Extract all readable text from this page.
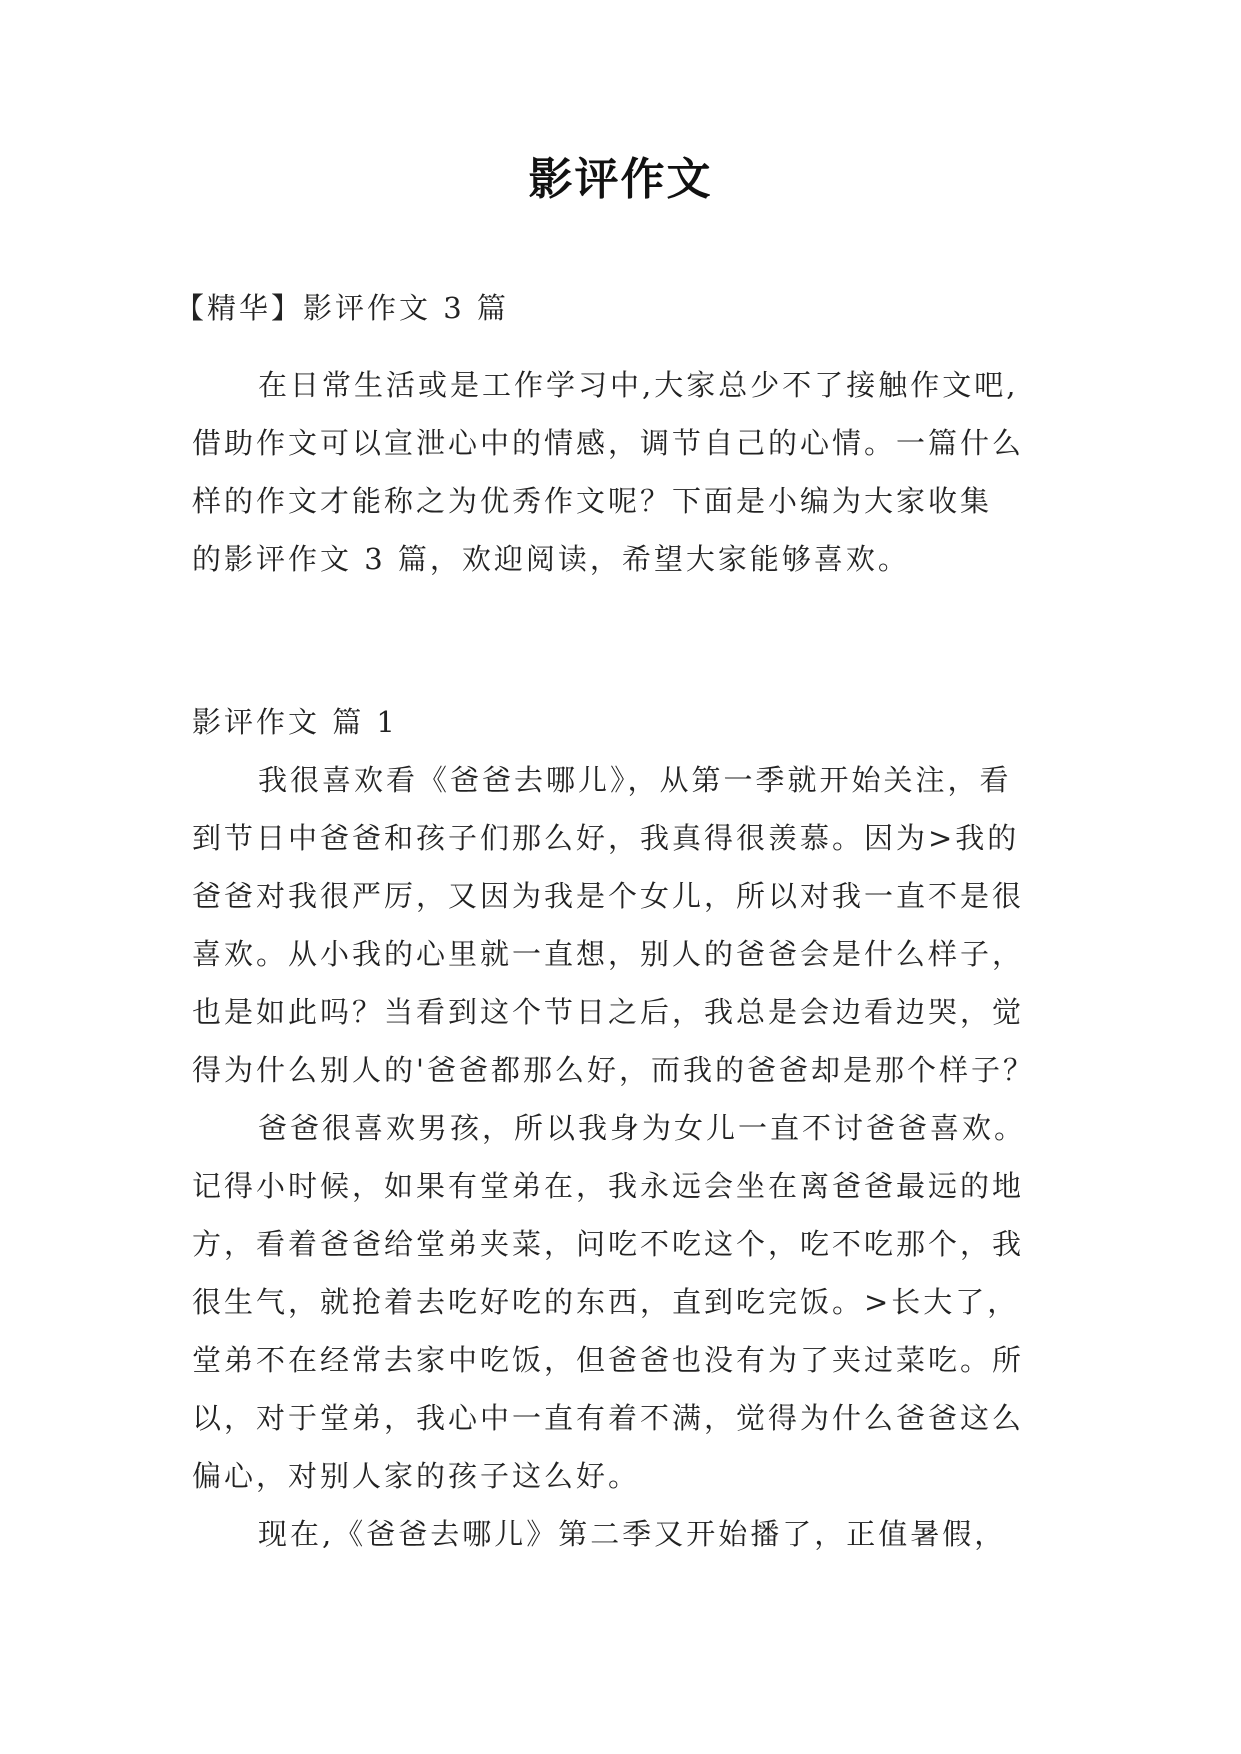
影评作文
【精华】影评作文 3 篇
在日常生活或是工作学习中,大家总少不了接触作文吧,
借助作文可以宣泄心中的情感，调节自己的心情。一篇什么
样的作文才能称之为优秀作文呢？下面是小编为大家收集
的影评作文 3 篇，欢迎阅读，希望大家能够喜欢。
影评作文 篇 1
我很喜欢看《爸爸去哪儿》，从第一季就开始关注，看
到节日中爸爸和孩子们那么好，我真得很羡慕。因为>我的
爸爸对我很严厉，又因为我是个女儿，所以对我一直不是很
喜欢。从小我的心里就一直想，别人的爸爸会是什么样子，
也是如此吗？当看到这个节日之后，我总是会边看边哭，觉
得为什么别人的'爸爸都那么好，而我的爸爸却是那个样子？
爸爸很喜欢男孩，所以我身为女儿一直不讨爸爸喜欢。
记得小时候，如果有堂弟在，我永远会坐在离爸爸最远的地
方，看着爸爸给堂弟夹菜，问吃不吃这个，吃不吃那个，我
很生气，就抢着去吃好吃的东西，直到吃完饭。>长大了，
堂弟不在经常去家中吃饭，但爸爸也没有为了夹过菜吃。所
以，对于堂弟，我心中一直有着不满，觉得为什么爸爸这么
偏心，对别人家的孩子这么好。
现在,《爸爸去哪儿》第二季又开始播了，正值暑假，
